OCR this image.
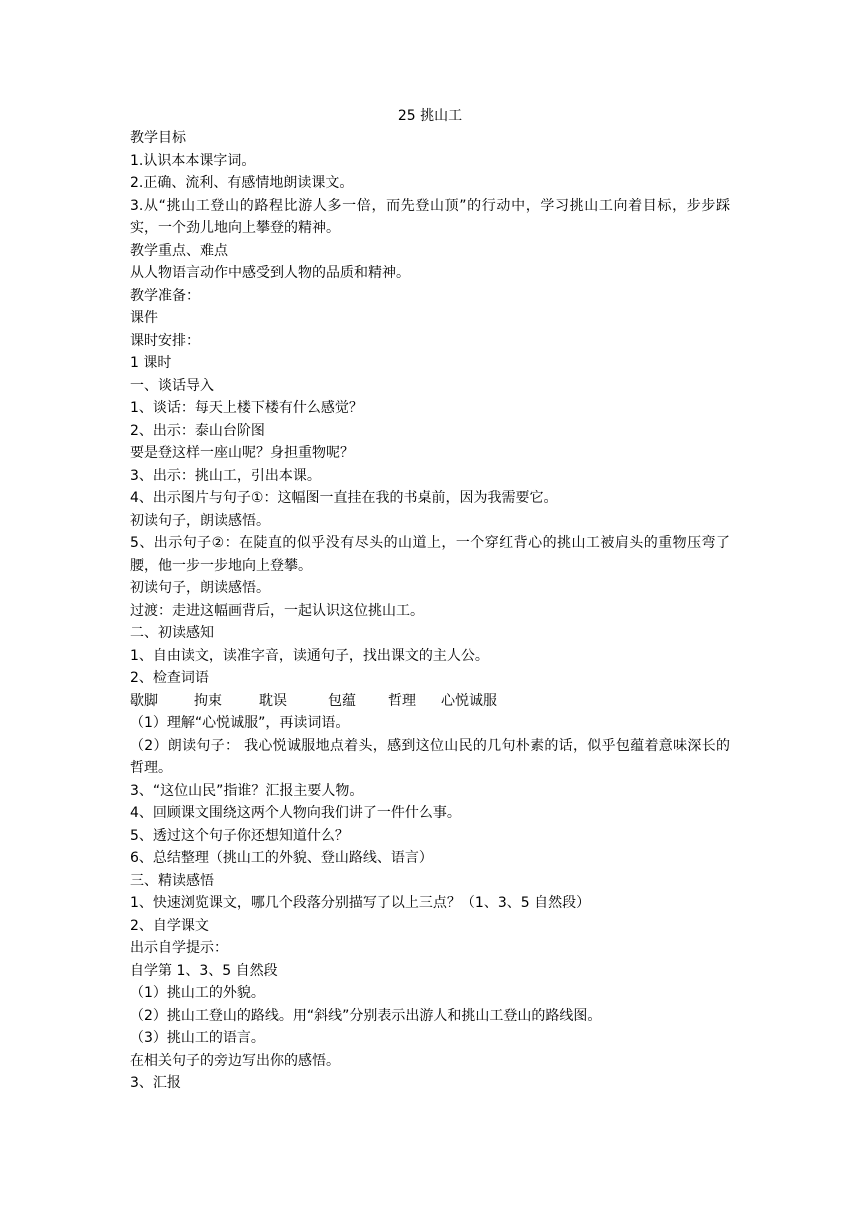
25 挑山工

教学目标

1.认识本本课字词。

2.正确、流利、有感情地朗读课文。

3.从“挑山工登山的路程比游人多一倍，而先登山顶”的行动中，学习挑山工向着目标，步步踩实，一个劲儿地向上攀登的精神。

教学重点、难点

从人物语言动作中感受到人物的品质和精神。

教学准备：

课件

课时安排：

1 课时

一、谈话导入

1、谈话：每天上楼下楼有什么感觉？

2、出示：泰山台阶图

要是登这样一座山呢？身担重物呢？

3、出示：挑山工，引出本课。

4、出示图片与句子①：这幅图一直挂在我的书桌前，因为我需要它。

初读句子，朗读感悟。

5、出示句子②：在陡直的似乎没有尽头的山道上，一个穿红背心的挑山工被肩头的重物压弯了腰，他一步一步地向上登攀。

初读句子，朗读感悟。

过渡：走进这幅画背后，一起认识这位挑山工。

二、初读感知

1、自由读文，读准字音，读通句子，找出课文的主人公。

2、检查词语

歇脚	拘束	耽误	包蕴	哲理	心悦诚服

（1）理解“心悦诚服”，再读词语。

（2）朗读句子： 我心悦诚服地点着头，感到这位山民的几句朴素的话，似乎包蕴着意味深长的哲理。

3、“这位山民”指谁？汇报主要人物。

4、回顾课文围绕这两个人物向我们讲了一件什么事。

5、透过这个句子你还想知道什么？

6、总结整理（挑山工的外貌、登山路线、语言）

三、精读感悟

1、快速浏览课文，哪几个段落分别描写了以上三点？（1、3、5 自然段）

2、自学课文

出示自学提示：

自学第 1、3、5 自然段

（1）挑山工的外貌。

（2）挑山工登山的路线。用“斜线”分别表示出游人和挑山工登山的路线图。

（3）挑山工的语言。

在相关句子的旁边写出你的感悟。

3、汇报
